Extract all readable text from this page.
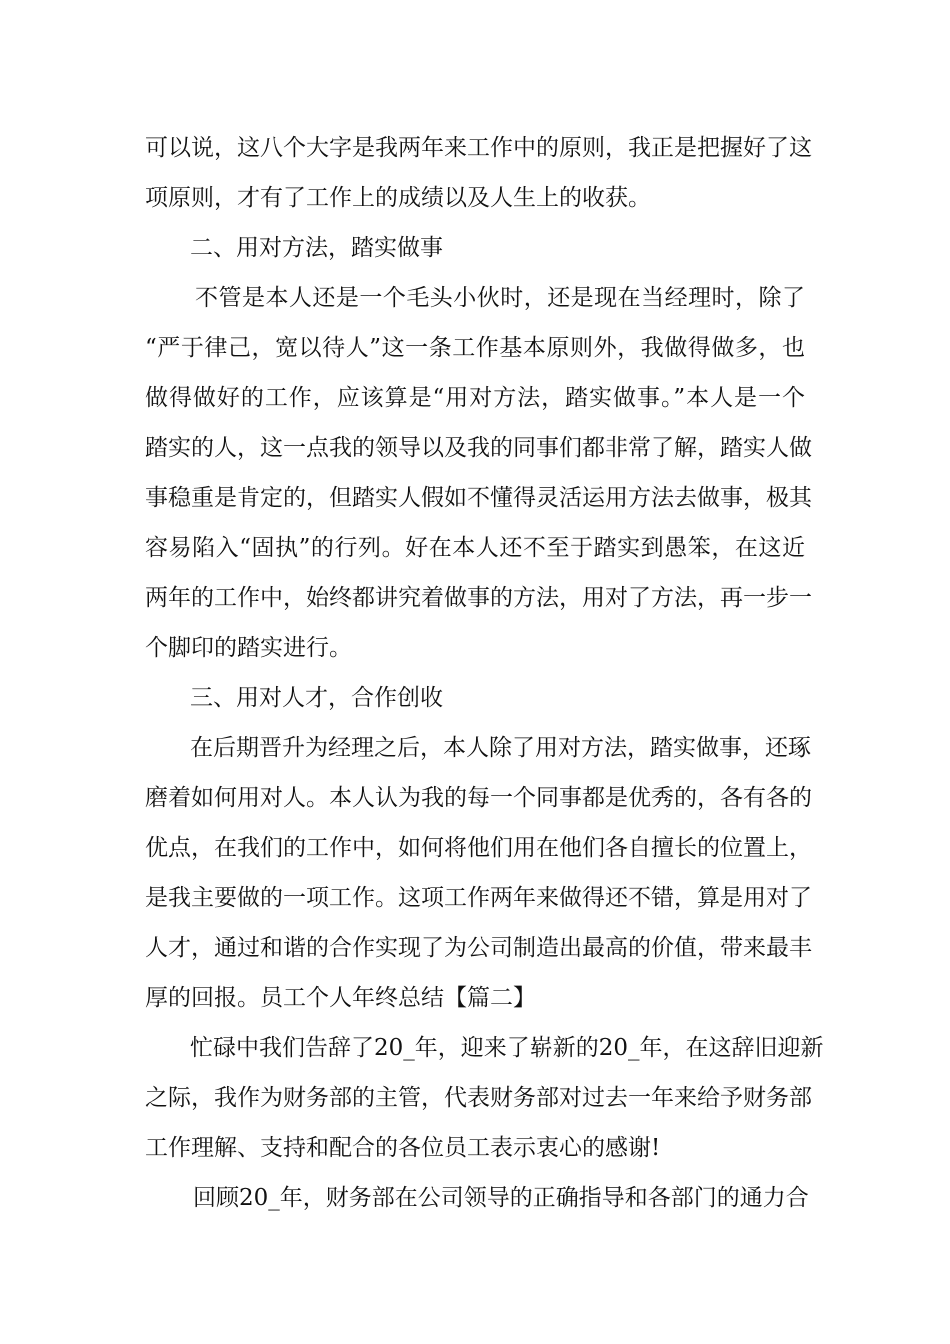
可以说，这八个大字是我两年来工作中的原则，我正是把握好了这
项原则，才有了工作上的成绩以及人生上的收获。
二、用对方法，踏实做事
不管是本人还是一个毛头小伙时，还是现在当经理时，除了
“严于律己，宽以待人”这一条工作基本原则外，我做得做多，也
做得做好的工作，应该算是“用对方法，踏实做事。”本人是一个
踏实的人，这一点我的领导以及我的同事们都非常了解，踏实人做
事稳重是肯定的，但踏实人假如不懂得灵活运用方法去做事，极其
容易陷入“固执”的行列。好在本人还不至于踏实到愚笨，在这近
两年的工作中，始终都讲究着做事的方法，用对了方法，再一步一
个脚印的踏实进行。
三、用对人才，合作创收
在后期晋升为经理之后，本人除了用对方法，踏实做事，还琢
磨着如何用对人。本人认为我的每一个同事都是优秀的，各有各的
优点，在我们的工作中，如何将他们用在他们各自擅长的位置上，
是我主要做的一项工作。这项工作两年来做得还不错，算是用对了
人才，通过和谐的合作实现了为公司制造出最高的价值，带来最丰
厚的回报。员工个人年终总结【篇二】
忙碌中我们告辞了20_年，迎来了崭新的20_年，在这辞旧迎新
之际，我作为财务部的主管，代表财务部对过去一年来给予财务部
工作理解、支持和配合的各位员工表示衷心的感谢!
回顾20_年，财务部在公司领导的正确指导和各部门的通力合
